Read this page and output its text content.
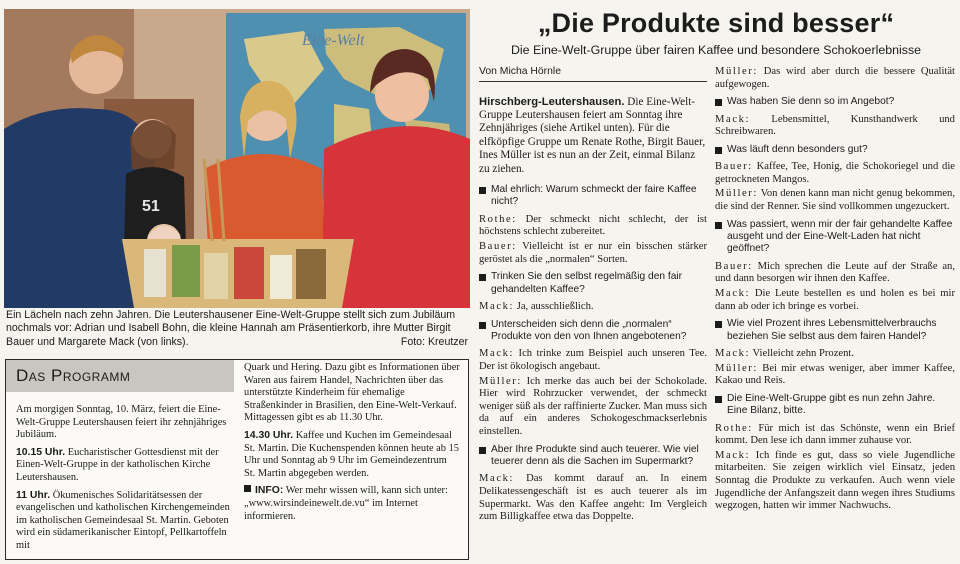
Eine-Welt
51
Ein Lächeln nach zehn Jahren. Die Leutershausener Eine-Welt-Gruppe stellt sich zum Jubiläum nochmals vor: Adrian und Isabell Bohn, die kleine Hannah am Präsentierkorb, ihre Mutter Birgit Bauer und Margarete Mack (von links).	Foto: Kreutzer
Das Programm

Am morgigen Sonntag, 10. März, feiert die Eine-Welt-Gruppe Leutershausen feiert ihr zehnjähriges Jubiläum.

10.15 Uhr. Eucharistischer Gottesdienst mit der Einen-Welt-Gruppe in der katholischen Kirche Leutershausen.

11 Uhr. Ökumenisches Solidaritätsessen der evangelischen und katholischen Kirchengemeinden im katholischen Gemeindesaal St. Martin. Geboten wird ein südamerikanischer Eintopf, Pellkartoffeln mit

Quark und Hering. Dazu gibt es Informationen über Waren aus fairem Handel, Nachrichten über das unterstützte Kinderheim für ehemalige Straßenkinder in Brasilien, den Eine-Welt-Verkauf. Mittagessen gibt es ab 11.30 Uhr.

14.30 Uhr. Kaffee und Kuchen im Gemeindesaal St. Martin. Die Kuchenspenden können heute ab 15 Uhr und Sonntag ab 9 Uhr im Gemeindezentrum St. Martin abgegeben werden.

INFO: Wer mehr wissen will, kann sich unter: „www.wirsindeinewelt.de.vu“ im Internet informieren.

„Die Produkte sind besser“
Die Eine-Welt-Gruppe über fairen Kaffee und besondere Schokoerlebnisse
Von Micha Hörnle

Hirschberg-Leutershausen. Die Eine-Welt-Gruppe Leutershausen feiert am Sonntag ihre Zehnjähriges (siehe Artikel unten). Für die elfköpfige Gruppe um Renate Rothe, Birgit Bauer, Ines Müller ist es nun an der Zeit, einmal Bilanz zu ziehen.

Mal ehrlich: Warum schmeckt der faire Kaffee nicht?

Rothe: Der schmeckt nicht schlecht, der ist höchstens schlecht zubereitet.

Bauer: Vielleicht ist er nur ein bisschen stärker geröstet als die „normalen“ Sorten.

Trinken Sie den selbst regelmäßig den fair gehandelten Kaffee?

Mack: Ja, ausschließlich.

Unterscheiden sich denn die „normalen“ Produkte von den von Ihnen angebotenen?

Mack: Ich trinke zum Beispiel auch unseren Tee. Der ist ökologisch angebaut.

Müller: Ich merke das auch bei der Schokolade. Hier wird Rohrzucker verwendet, der schmeckt weniger süß als der raffinierte Zucker. Man muss sich da auf ein anderes Schokogeschmackserlebnis einstellen.

Aber Ihre Produkte sind auch teuerer. Wie viel teuerer denn als die Sachen im Supermarkt?

Mack: Das kommt darauf an. In einem Delikatessengeschäft ist es auch teuerer als im Supermarkt. Was den Kaffee angeht: Im Vergleich zum Billigkaffee etwa das Doppelte.

Müller: Das wird aber durch die bessere Qualität aufgewogen.

Was haben Sie denn so im Angebot?

Mack: Lebensmittel, Kunsthandwerk und Schreibwaren.

Was läuft denn besonders gut?

Bauer: Kaffee, Tee, Honig, die Schokoriegel und die getrockneten Mangos.

Müller: Von denen kann man nicht genug bekommen, die sind der Renner. Sie sind vollkommen ungezuckert.

Was passiert, wenn mir der fair gehandelte Kaffee ausgeht und der Eine-Welt-Laden hat nicht geöffnet?

Bauer: Mich sprechen die Leute auf der Straße an, und dann besorgen wir ihnen den Kaffee.

Mack: Die Leute bestellen es und holen es bei mir dann ab oder ich bringe es vorbei.

Wie viel Prozent ihres Lebensmittelverbrauchs beziehen Sie selbst aus dem fairen Handel?

Mack: Vielleicht zehn Prozent.

Müller: Bei mir etwas weniger, aber immer Kaffee, Kakao und Reis.

Die Eine-Welt-Gruppe gibt es nun zehn Jahre. Eine Bilanz, bitte.

Rothe: Für mich ist das Schönste, wenn ein Brief kommt. Den lese ich dann immer zuhause vor.

Mack: Ich finde es gut, dass so viele Jugendliche mitarbeiten. Sie zeigen wirklich viel Einsatz, jeden Sonntag die Produkte zu verkaufen. Auch wenn viele Jugendliche der Anfangszeit dann wegen ihres Studiums wegzogen, hatten wir immer Nachwuchs.
